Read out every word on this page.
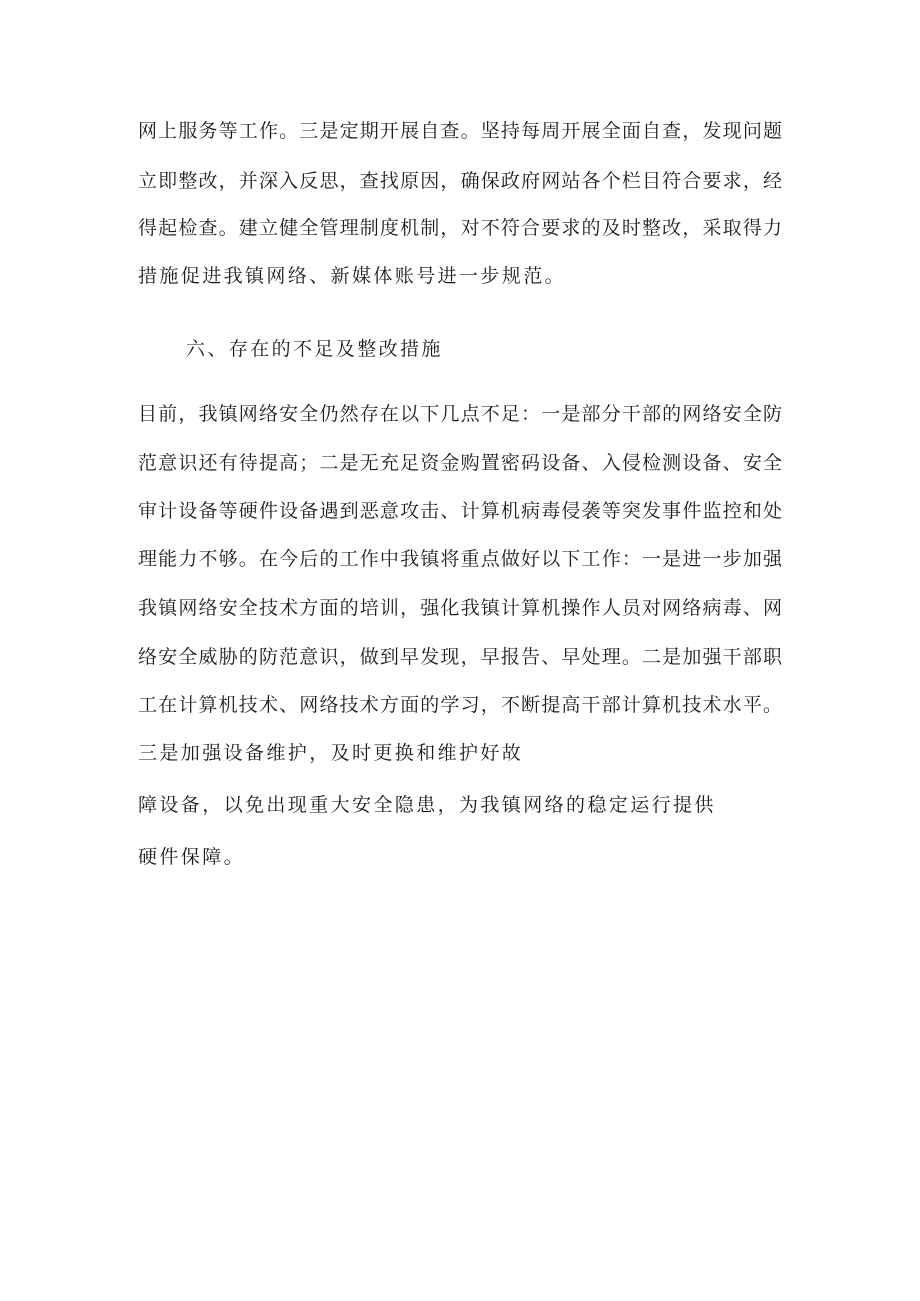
网上服务等工作。三是定期开展自查。坚持每周开展全面自查，发现问题
立即整改，并深入反思，查找原因，确保政府网站各个栏目符合要求，经
得起检查。建立健全管理制度机制，对不符合要求的及时整改，采取得力
措施促进我镇网络、新媒体账号进一步规范。
六、存在的不足及整改措施
目前，我镇网络安全仍然存在以下几点不足：一是部分干部的网络安全防
范意识还有待提高；二是无充足资金购置密码设备、入侵检测设备、安全
审计设备等硬件设备遇到恶意攻击、计算机病毒侵袭等突发事件监控和处
理能力不够。在今后的工作中我镇将重点做好以下工作：一是进一步加强
我镇网络安全技术方面的培训，强化我镇计算机操作人员对网络病毒、网
络安全威胁的防范意识，做到早发现，早报告、早处理。二是加强干部职
工在计算机技术、网络技术方面的学习，不断提高干部计算机技术水平。
三是加强设备维护，及时更换和维护好故
障设备，以免出现重大安全隐患，为我镇网络的稳定运行提供
硬件保障。
